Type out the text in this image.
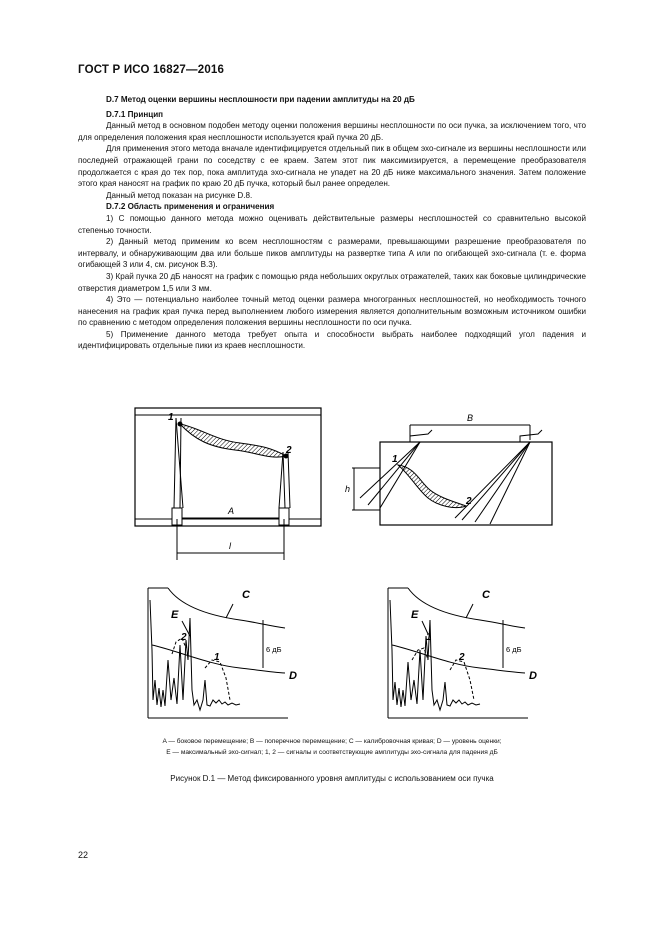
ГОСТ Р ИСО 16827—2016
D.7 Метод оценки вершины несплошности при падении амплитуды на 20 дБ
D.7.1 Принцип

Данный метод в основном подобен методу оценки положения вершины несплошности по оси пучка, за исключением того, что для определения положения края несплошности используется край пучка 20 дБ.

Для применения этого метода вначале идентифицируется отдельный пик в общем эхо-сигнале из вершины несплошности или последней отражающей грани по соседству с ее краем. Затем этот пик максимизируется, а перемещение преобразователя продолжается с края до тех пор, пока амплитуда эхо-сигнала не упадет на 20 дБ ниже максимального значения. Затем положение этого края наносят на график по краю 20 дБ пучка, который был ранее определен.

Данный метод показан на рисунке D.8.

D.7.2 Область применения и ограничения

1) С помощью данного метода можно оценивать действительные размеры несплошностей со сравнительно высокой степенью точности.

2) Данный метод применим ко всем несплошностям с размерами, превышающими разрешение преобразователя по интервалу, и обнаруживающим два или больше пиков амплитуды на развертке типа A или по огибающей эхо-сигнала (т. е. форма огибающей 3 или 4, см. рисунок B.3).

3) Край пучка 20 дБ наносят на график с помощью ряда небольших округлых отражателей, таких как боковые цилиндрические отверстия диаметром 1,5 или 3 мм.

4) Это — потенциально наиболее точный метод оценки размера многогранных несплошностей, но необходимость точного нанесения на график края пучка перед выполнением любого измерения является дополнительным возможным источником ошибки по сравнению с методом определения положения вершины несплошности по оси пучка.

5) Применение данного метода требует опыта и способности выбрать наиболее подходящий угол падения и идентифицировать отдельные пики из краев несплошности.

1
2
A
l
B
h
1
2
C
D
E
2
1
6 дБ
C
D
E
1
2
6 дБ

A — боковое перемещение; B — поперечное перемещение; C — калибровочная кривая; D — уровень оценки;

E — максимальный эхо-сигнал; 1, 2 — сигналы и соответствующие амплитуды эхо-сигнала для падения дБ

Рисунок D.1 — Метод фиксированного уровня амплитуды с использованием оси пучка
22
